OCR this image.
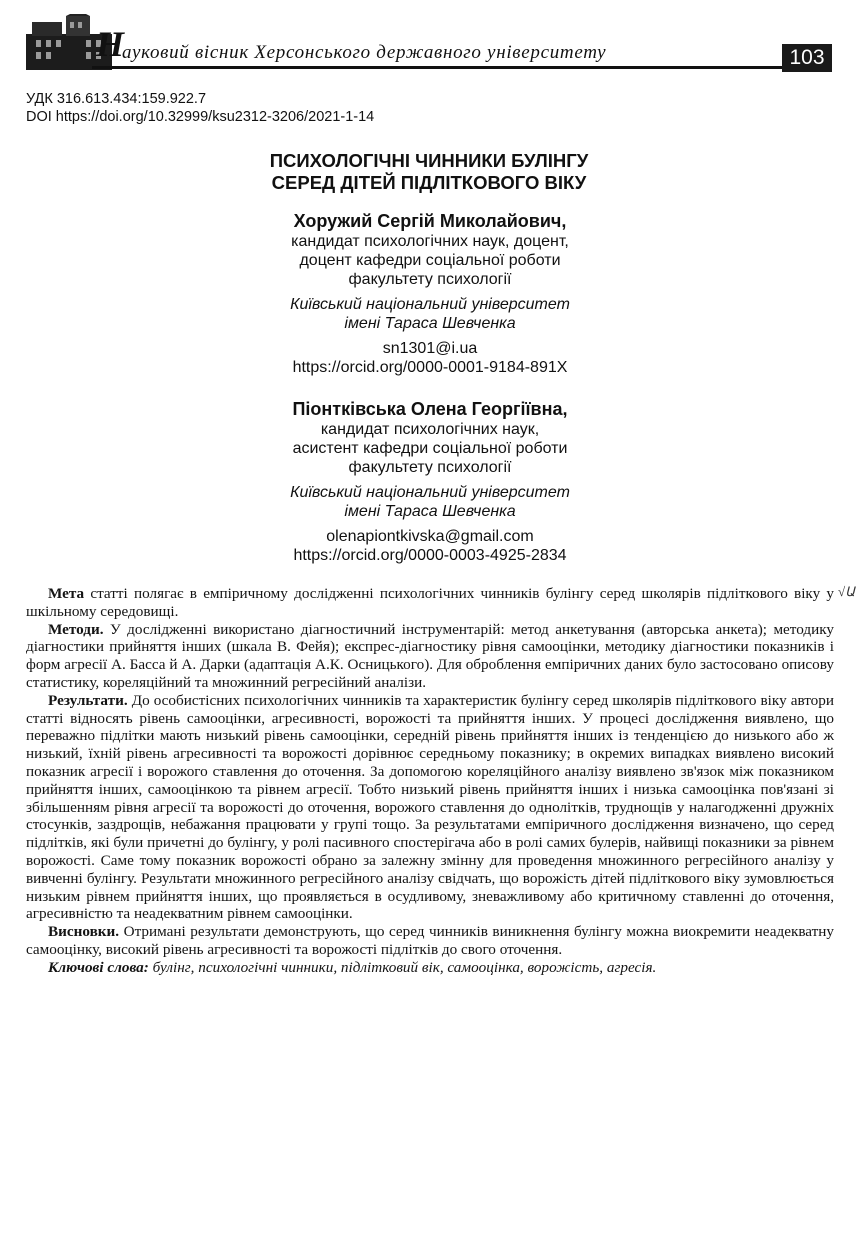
Н
ауковий вісник Херсонського державного університету	103
УДК 316.613.434:159.922.7
DOI https://doi.org/10.32999/ksu2312-3206/2021-1-14
ПСИХОЛОГІЧНІ ЧИННИКИ БУЛІНГУ
СЕРЕД ДІТЕЙ ПІДЛІТКОВОГО ВІКУ
Хоружий Сергій Миколайович,
кандидат психологічних наук, доцент,
доцент кафедри соціальної роботи
факультету психології
Київський національний університет
імені Тараса Шевченка
sn1301@i.ua
https://orcid.org/0000-0001-9184-891X
Піонтківська Олена Георгіївна,
кандидат психологічних наук,
асистент кафедри соціальної роботи
факультету психології
Київський національний університет
імені Тараса Шевченка
olenapiontkivska@gmail.com
https://orcid.org/0000-0003-4925-2834
√Ա

Мета статті полягає в емпіричному дослідженні психологічних чинників булінгу серед школярів підліткового віку у шкільному середовищі.

Методи. У дослідженні використано діагностичний інструментарій: метод анкетування (авторська анкета); методику діагностики прийняття інших (шкала В. Фейя); експрес-діагностику рівня самооцінки, методику діагностики показників і форм агресії А. Басса й А. Дарки (адаптація А.К. Осницького). Для оброблення емпіричних даних було застосовано описову статистику, кореляційний та множинний регресійний аналізи.

Результати. До особистісних психологічних чинників та характеристик булінгу серед школярів підліткового віку автори статті відносять рівень самооцінки, агресивності, ворожості та прийняття інших. У процесі дослідження виявлено, що переважно підлітки мають низький рівень самооцінки, середній рівень прийняття інших із тенденцією до низького або ж низький, їхній рівень агресивності та ворожості дорівнює середньому показнику; в окремих випадках виявлено високий показник агресії і ворожого ставлення до оточення. За допомогою кореляційного аналізу виявлено зв'язок між показником прийняття інших, самооцінкою та рівнем агресії. Тобто низький рівень прийняття інших і низька самооцінка пов'язані зі збільшенням рівня агресії та ворожості до оточення, ворожого ставлення до однолітків, труднощів у налагодженні дружніх стосунків, заздрощів, небажання працювати у групі тощо. За результатами емпіричного дослідження визначено, що серед підлітків, які були причетні до булінгу, у ролі пасивного спостерігача або в ролі самих булерів, найвищі показники за рівнем ворожості. Саме тому показник ворожості обрано за залежну змінну для проведення множинного регресійного аналізу у вивченні булінгу. Результати множинного регресійного аналізу свідчать, що ворожість дітей підліткового віку зумовлюється низьким рівнем прийняття інших, що проявляється в осудливому, зневажливому або критичному ставленні до оточення, агресивністю та неадекватним рівнем самооцінки.

Висновки. Отримані результати демонструють, що серед чинників виникнення булінгу можна виокремити неадекватну самооцінку, високий рівень агресивності та ворожості підлітків до свого оточення.

Ключові слова: булінг, психологічні чинники, підлітковий вік, самооцінка, ворожість, агресія.
